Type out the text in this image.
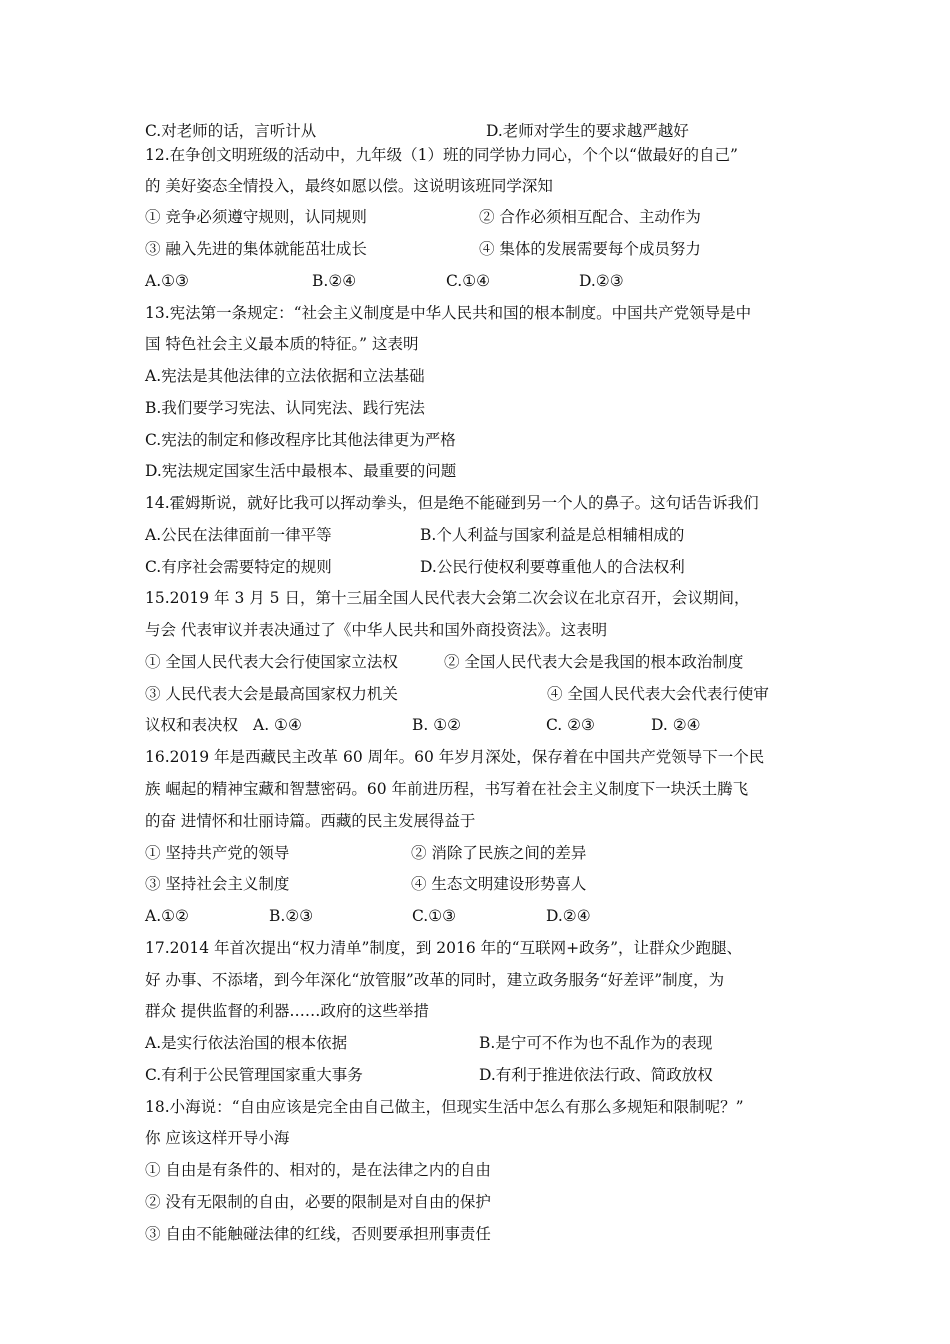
C.对老师的话，言听计从	D.老师对学生的要求越严越好
12.在争创文明班级的活动中，九年级（1）班的同学协力同心，个个以“做最好的自己”
的 美好姿态全情投入，最终如愿以偿。这说明该班同学深知
① 竞争必须遵守规则，认同规则	② 合作必须相互配合、主动作为
③ 融入先进的集体就能茁壮成长	④ 集体的发展需要每个成员努力
A.①③	B.②④	C.①④	D.②③
13.宪法第一条规定：“社会主义制度是中华人民共和国的根本制度。中国共产党领导是中
国 特色社会主义最本质的特征。” 这表明
A.宪法是其他法律的立法依据和立法基础
B.我们要学习宪法、认同宪法、践行宪法
C.宪法的制定和修改程序比其他法律更为严格
D.宪法规定国家生活中最根本、最重要的问题
14.霍姆斯说，就好比我可以挥动拳头，但是绝不能碰到另一个人的鼻子。这句话告诉我们
A.公民在法律面前一律平等	B.个人利益与国家利益是总相辅相成的
C.有序社会需要特定的规则	D.公民行使权利要尊重他人的合法权利
15.2019 年 3 月 5 日，第十三届全国人民代表大会第二次会议在北京召开，会议期间，
与会 代表审议并表决通过了《中华人民共和国外商投资法》。这表明
① 全国人民代表大会行使国家立法权	② 全国人民代表大会是我国的根本政治制度
③ 人民代表大会是最高国家权力机关	④ 全国人民代表大会代表行使审
议权和表决权 A. ①④	B. ①②	C. ②③	D. ②④
16.2019 年是西藏民主改革 60 周年。60 年岁月深处，保存着在中国共产党领导下一个民
族 崛起的精神宝藏和智慧密码。60 年前进历程，书写着在社会主义制度下一块沃土腾飞
的奋 进情怀和壮丽诗篇。西藏的民主发展得益于
① 坚持共产党的领导	② 消除了民族之间的差异
③ 坚持社会主义制度	④ 生态文明建设形势喜人
A.①②	B.②③	C.①③	D.②④
17.2014 年首次提出“权力清单”制度，到 2016 年的“互联网+政务”，让群众少跑腿、
好 办事、不添堵，到今年深化“放管服”改革的同时，建立政务服务“好差评”制度，为
群众 提供监督的利器……政府的这些举措
A.是实行依法治国的根本依据	B.是宁可不作为也不乱作为的表现
C.有利于公民管理国家重大事务	D.有利于推进依法行政、简政放权
18.小海说：“自由应该是完全由自己做主，但现实生活中怎么有那么多规矩和限制呢？”
你 应该这样开导小海
① 自由是有条件的、相对的，是在法律之内的自由
② 没有无限制的自由，必要的限制是对自由的保护
③ 自由不能触碰法律的红线，否则要承担刑事责任
